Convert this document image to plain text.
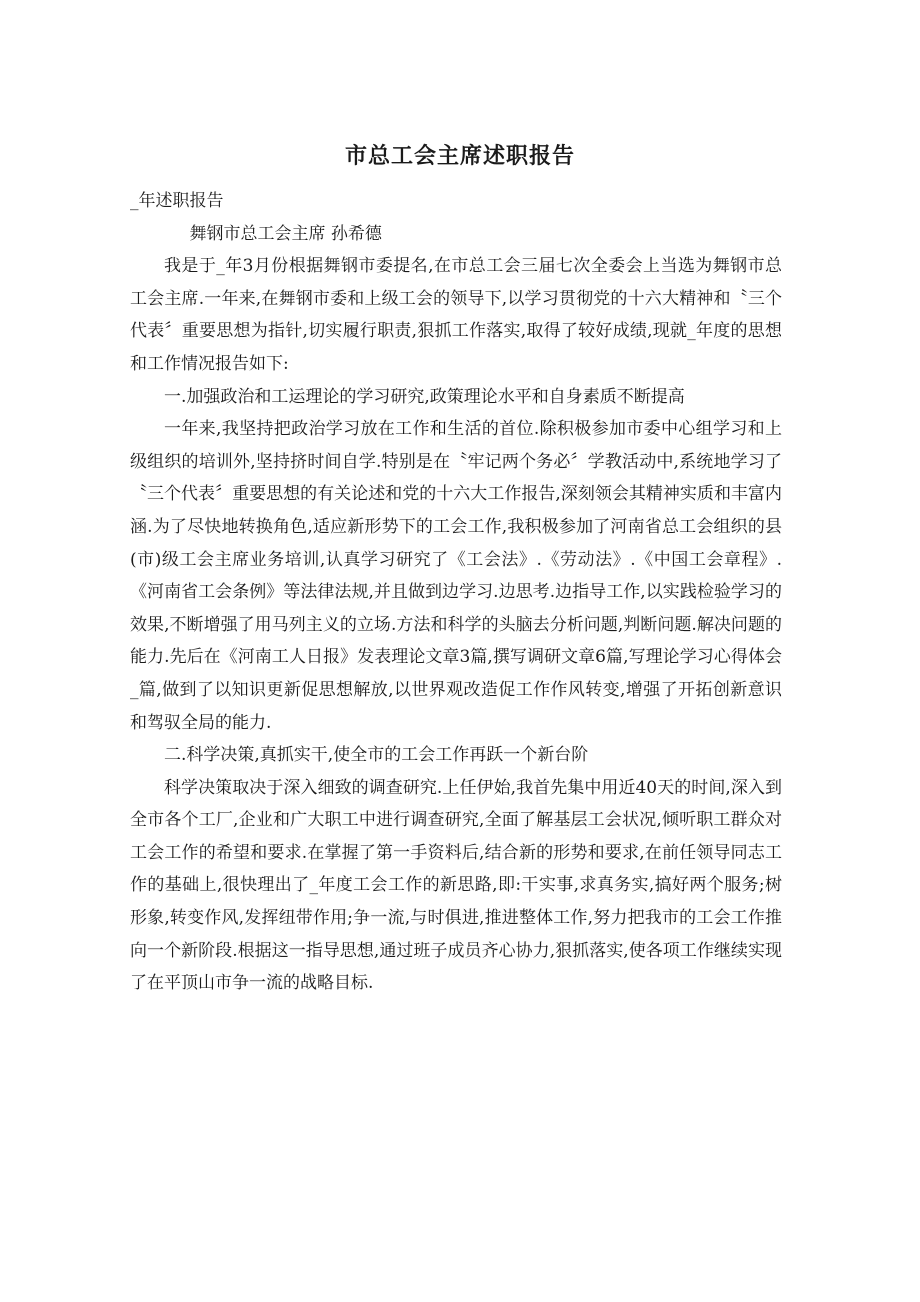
市总工会主席述职报告

_年述职报告

舞钢市总工会主席 孙希德

我是于_年3月份根据舞钢市委提名,在市总工会三届七次全委会上当选为舞钢市总工会主席.一年来,在舞钢市委和上级工会的领导下,以学习贯彻党的十六大精神和〝三个代表〞重要思想为指针,切实履行职责,狠抓工作落实,取得了较好成绩,现就_年度的思想和工作情况报告如下:

一.加强政治和工运理论的学习研究,政策理论水平和自身素质不断提高

一年来,我坚持把政治学习放在工作和生活的首位.除积极参加市委中心组学习和上级组织的培训外,坚持挤时间自学.特别是在〝牢记两个务必〞学教活动中,系统地学习了〝三个代表〞重要思想的有关论述和党的十六大工作报告,深刻领会其精神实质和丰富内涵.为了尽快地转换角色,适应新形势下的工会工作,我积极参加了河南省总工会组织的县(市)级工会主席业务培训,认真学习研究了《工会法》.《劳动法》.《中国工会章程》.《河南省工会条例》等法律法规,并且做到边学习.边思考.边指导工作,以实践检验学习的效果,不断增强了用马列主义的立场.方法和科学的头脑去分析问题,判断问题.解决问题的能力.先后在《河南工人日报》发表理论文章3篇,撰写调研文章6篇,写理论学习心得体会_篇,做到了以知识更新促思想解放,以世界观改造促工作作风转变,增强了开拓创新意识和驾驭全局的能力.

二.科学决策,真抓实干,使全市的工会工作再跃一个新台阶

科学决策取决于深入细致的调查研究.上任伊始,我首先集中用近40天的时间,深入到全市各个工厂,企业和广大职工中进行调查研究,全面了解基层工会状况,倾听职工群众对工会工作的希望和要求.在掌握了第一手资料后,结合新的形势和要求,在前任领导同志工作的基础上,很快理出了_年度工会工作的新思路,即:干实事,求真务实,搞好两个服务;树形象,转变作风,发挥纽带作用;争一流,与时俱进,推进整体工作,努力把我市的工会工作推向一个新阶段.根据这一指导思想,通过班子成员齐心协力,狠抓落实,使各项工作继续实现了在平顶山市争一流的战略目标.
